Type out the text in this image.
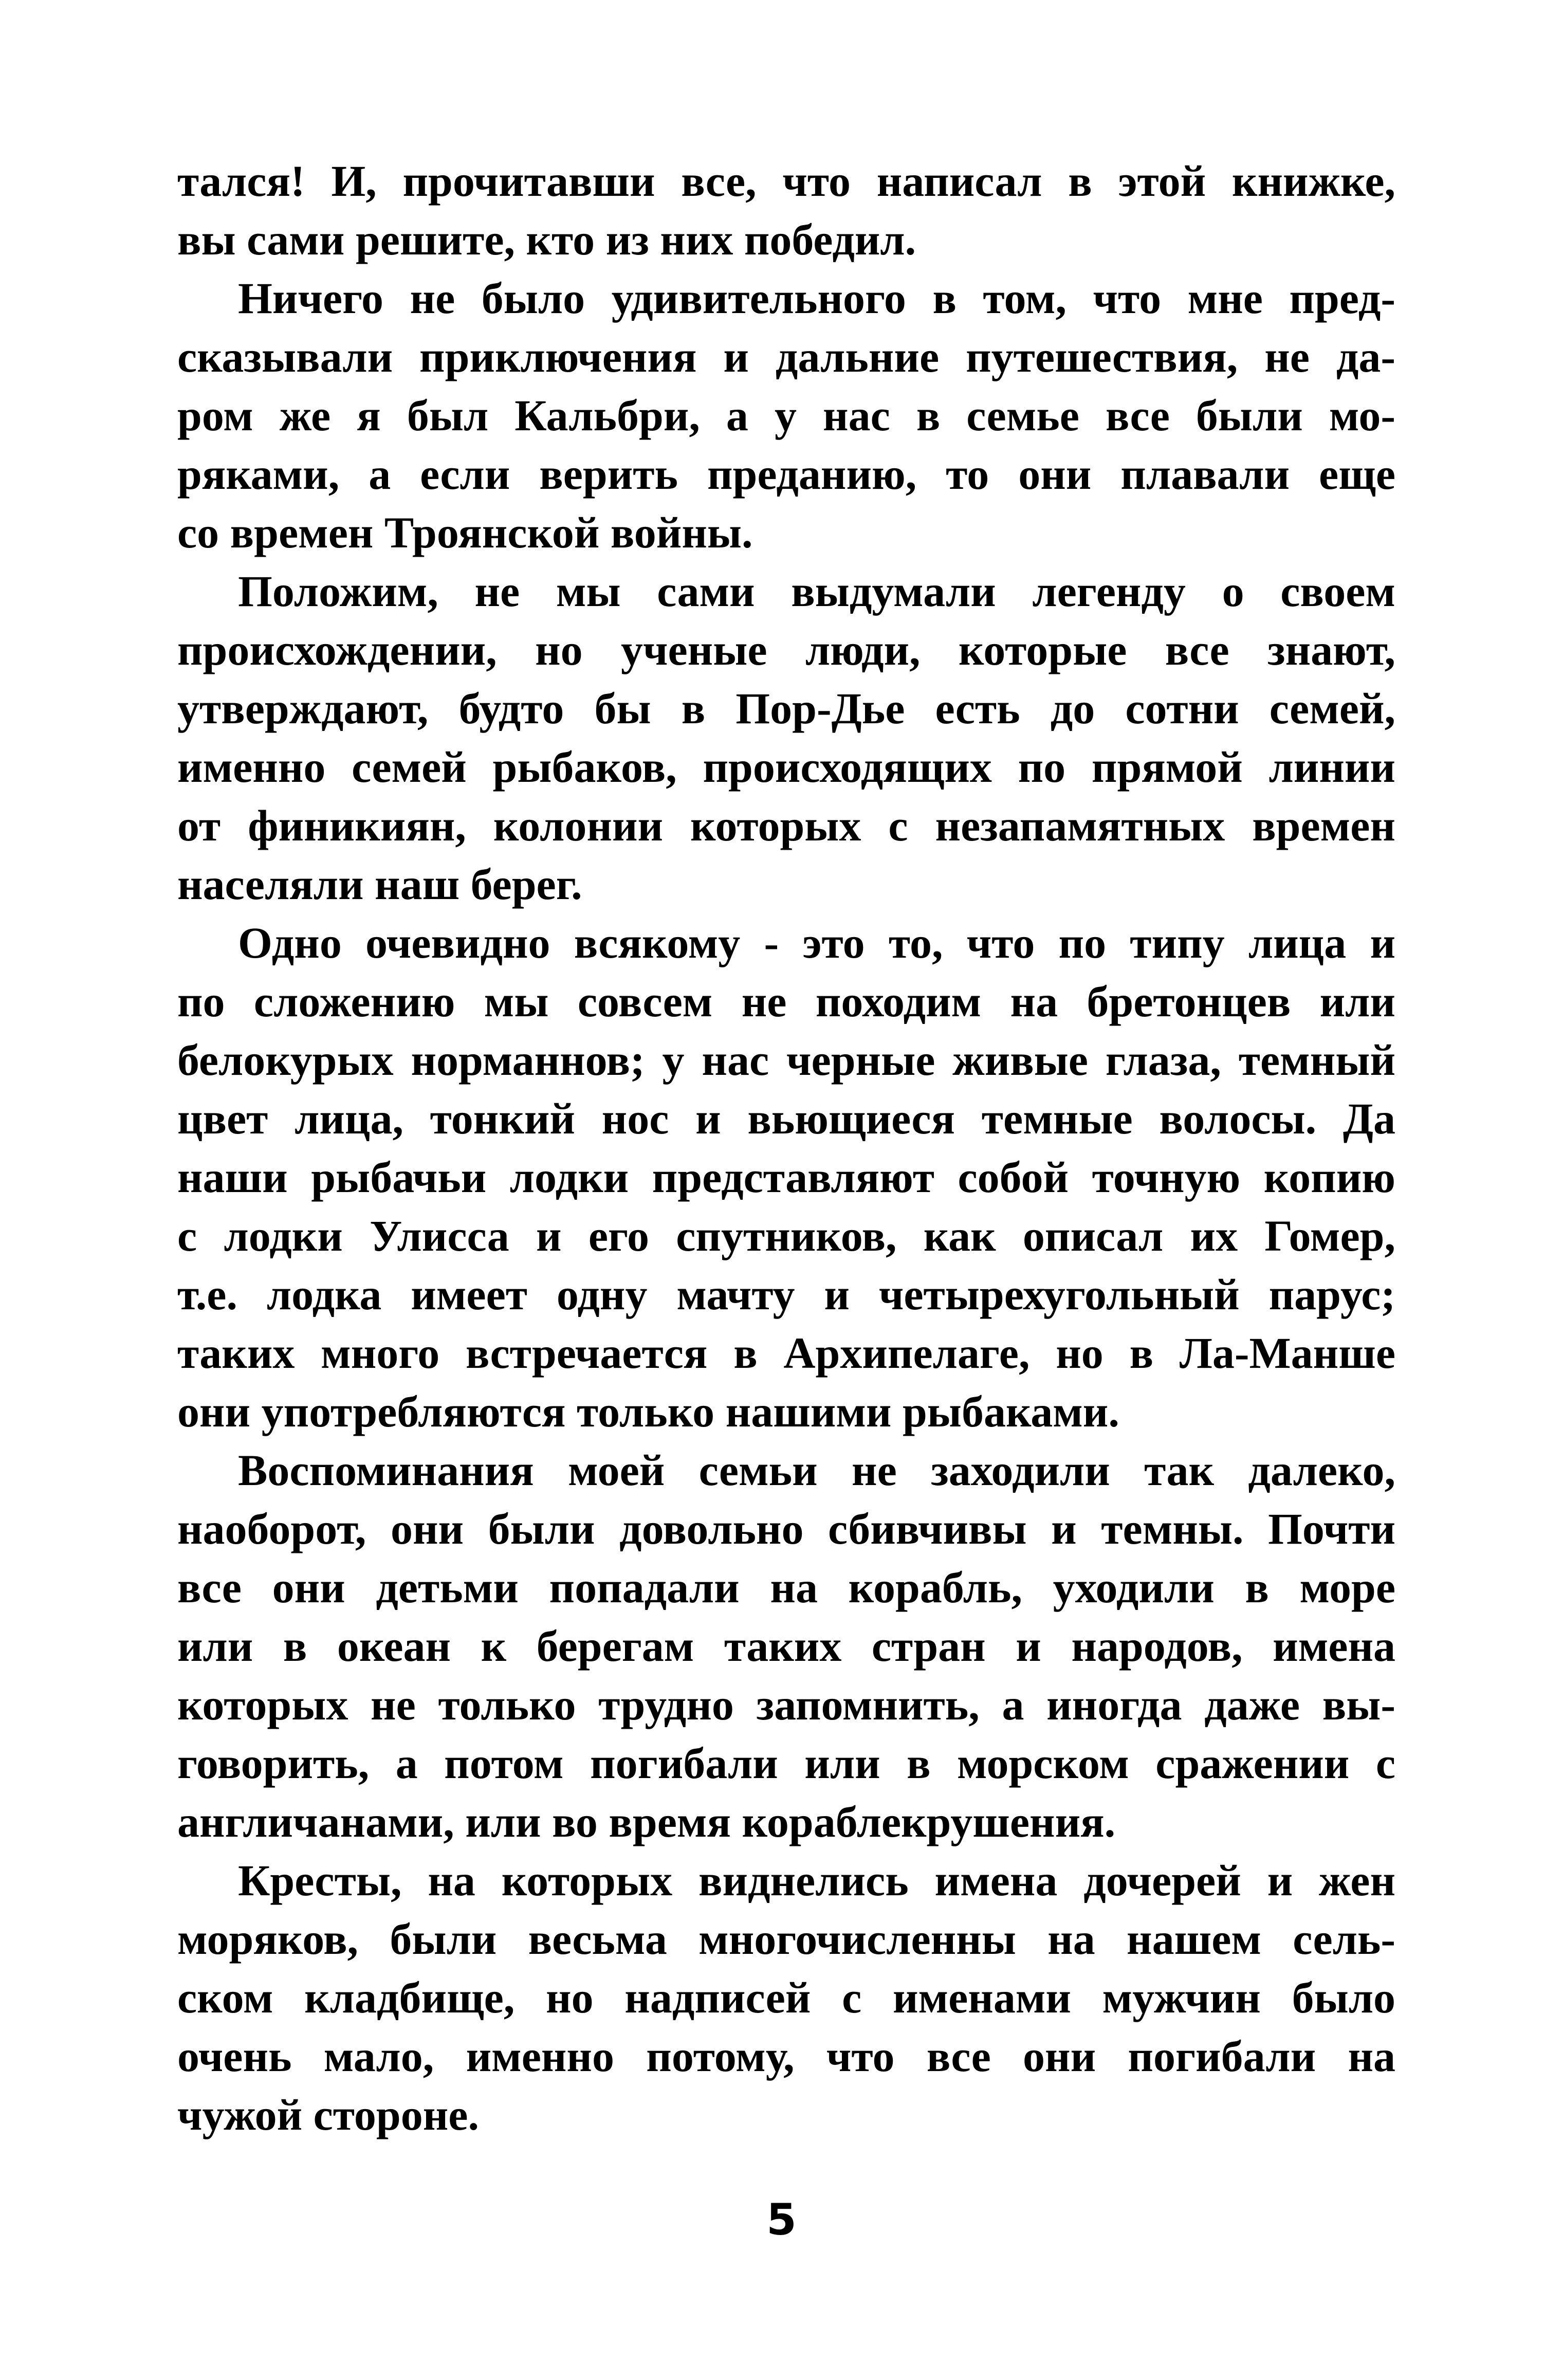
тался! И, прочитавши все, что написал в этой книжке,
вы сами решите, кто из них победил.
Ничего не было удивительного в том, что мне пред-
сказывали приключения и дальние путешествия, не да-
ром же я был Кальбри, а у нас в семье все были мо-
ряками, а если верить преданию, то они плавали еще
со времен Троянской войны.
Положим, не мы сами выдумали легенду о своем
происхождении, но ученые люди, которые все знают,
утверждают, будто бы в Пор-Дье есть до сотни семей,
именно семей рыбаков, происходящих по прямой линии
от финикиян, колонии которых с незапамятных времен
населяли наш берег.
Одно очевидно всякому - это то, что по типу лица и
по сложению мы совсем не походим на бретонцев или
белокурых норманнов; у нас черные живые глаза, темный
цвет лица, тонкий нос и вьющиеся темные волосы. Да
наши рыбачьи лодки представляют собой точную копию
с лодки Улисса и его спутников, как описал их Гомер,
т.е. лодка имеет одну мачту и четырехугольный парус;
таких много встречается в Архипелаге, но в Ла-Манше
они употребляются только нашими рыбаками.
Воспоминания моей семьи не заходили так далеко,
наоборот, они были довольно сбивчивы и темны. Почти
все они детьми попадали на корабль, уходили в море
или в океан к берегам таких стран и народов, имена
которых не только трудно запомнить, а иногда даже вы-
говорить, а потом погибали или в морском сражении с
англичанами, или во время кораблекрушения.
Кресты, на которых виднелись имена дочерей и жен
моряков, были весьма многочисленны на нашем сель-
ском кладбище, но надписей с именами мужчин было
очень мало, именно потому, что все они погибали на
чужой стороне.
5
